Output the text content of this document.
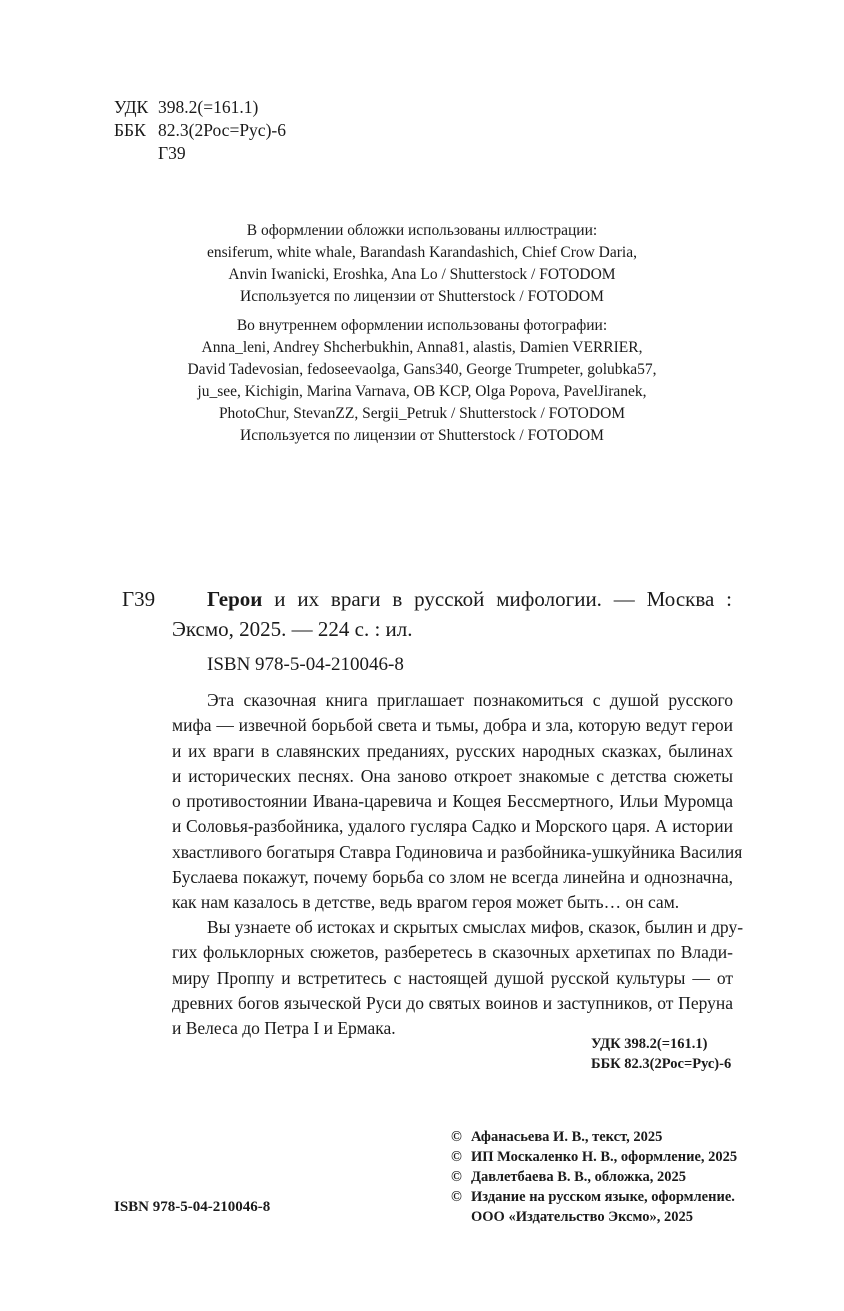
УДК 398.2(=161.1)
ББК 82.3(2Рос=Рус)-6
Г39
В оформлении обложки использованы иллюстрации:
ensiferum, white whale, Barandash Karandashich, Chief Crow Daria,
Anvin Iwanicki, Eroshka, Ana Lo / Shutterstock / FOTODOM
Используется по лицензии от Shutterstock / FOTODOM
Во внутреннем оформлении использованы фотографии:
Anna_leni, Andrey Shcherbukhin, Anna81, alastis, Damien VERRIER,
David Tadevosian, fedoseevaolga, Gans340, George Trumpeter, golubka57,
ju_see, Kichigin, Marina Varnava, OB KCP, Olga Popova, PavelJiranek,
PhotoChur, StevanZZ, Sergii_Petruk / Shutterstock / FOTODOM
Используется по лицензии от Shutterstock / FOTODOM
Г39	Герои и их враги в русской мифологии. — Москва :
Эксмо, 2025. — 224 с. : ил.
ISBN 978-5-04-210046-8
Эта сказочная книга приглашает познакомиться с душой русского
мифа — извечной борьбой света и тьмы, добра и зла, которую ведут герои
и их враги в славянских преданиях, русских народных сказках, былинах
и исторических песнях. Она заново откроет знакомые с детства сюжеты
о противостоянии Ивана-царевича и Кощея Бессмертного, Ильи Муромца
и Соловья-разбойника, удалого гусляра Садко и Морского царя. А истории
хвастливого богатыря Ставра Годиновича и разбойника-ушкуйника Василия
Буслаева покажут, почему борьба со злом не всегда линейна и однозначна,
как нам казалось в детстве, ведь врагом героя может быть… он сам.
Вы узнаете об истоках и скрытых смыслах мифов, сказок, былин и дру-
гих фольклорных сюжетов, разберетесь в сказочных архетипах по Влади-
миру Проппу и встретитесь с настоящей душой русской культуры — от
древних богов языческой Руси до святых воинов и заступников, от Перуна
и Велеса до Петра I и Ермака.
УДК 398.2(=161.1)
ББК 82.3(2Рос=Рус)-6
© Афанасьева И. В., текст, 2025
© ИП Москаленко Н. В., оформление, 2025
© Давлетбаева В. В., обложка, 2025
© Издание на русском языке, оформление.
ООО «Издательство Эксмо», 2025
ISBN 978-5-04-210046-8
